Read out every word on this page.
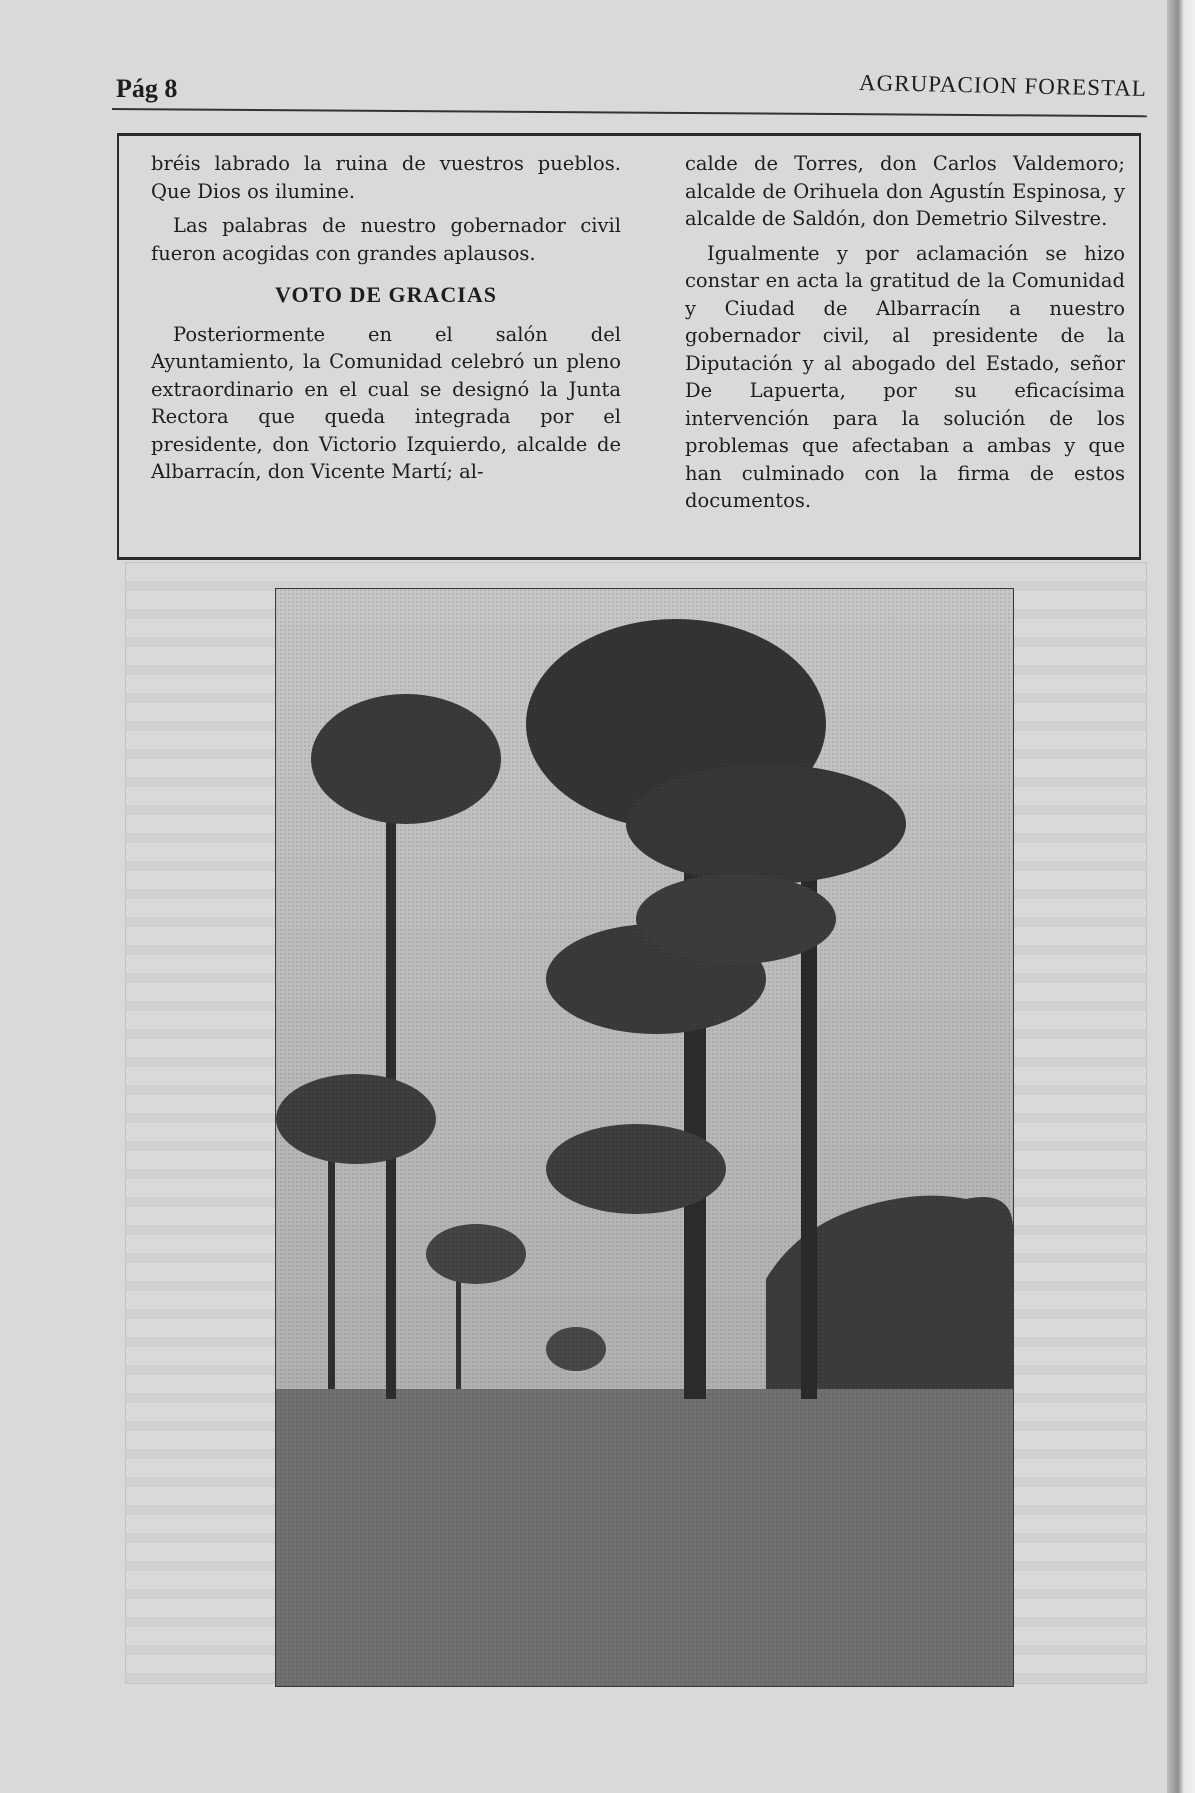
Pág 8	AGRUPACION FORESTAL

bréis labrado la ruina de vuestros pueblos. Que Dios os ilumine.

Las palabras de nuestro gobernador civil fueron acogidas con grandes aplausos.

VOTO DE GRACIAS

Posteriormente en el salón del Ayuntamiento, la Comunidad celebró un pleno extraordinario en el cual se designó la Junta Rectora que queda integrada por el presidente, don Victorio Izquierdo, alcalde de Albarracín, don Vicente Martí; al-

calde de Torres, don Carlos Valdemoro; alcalde de Orihuela don Agustín Espinosa, y alcalde de Saldón, don Demetrio Silvestre.

Igualmente y por aclamación se hizo constar en acta la gratitud de la Comunidad y Ciudad de Albarracín a nuestro gobernador civil, al presidente de la Diputación y al abogado del Estado, señor De Lapuerta, por su eficacísima intervención para la solución de los problemas que afectaban a ambas y que han culminado con la firma de estos documentos.
